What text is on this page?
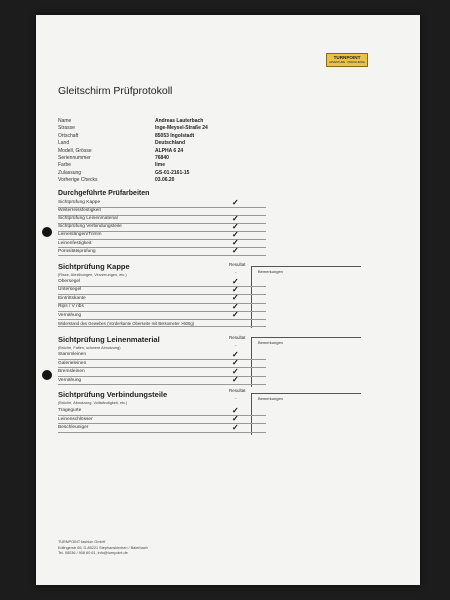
TURNPOINT
ADVENTURE · PARAGLIDING
Gleitschirm Prüfprotokoll
Name	Andreas Lauterbach
Strasse	Inge-Meysel-Straße 24
Ortschaft	85053 Ingolstadt
Land	Deutschland
Modell, Grösse	ALPHA 6 24
Seriennummer	76840
Farbe	lime
Zulassung	GS-01-2161-15
Vorherige Checks	03.06.20
Durchgeführte Prüfarbeiten
Sichtprüfung Kappe	✓
Weiterreissfestigkeit
Sichtprüfung Leinenmaterial	✓
Sichtprüfung Verbindungsteile	✓
Leinenlängen/Trimm	✓
Leinenfestigkeit	✓
Porositätsprüfung	✓
Sichtprüfung Kappe
(Risse, Abreibungen, Verzerrungen, etc.)
Resultat
-	Bemerkungen
Obersegel	✓
Untersegel	✓
Eintrittskante	✓
Rips / V ribs	✓
Vernähung	✓
Widerstand des Gewebes (Vorderkante Oberseite mit Betsometer >600g)
Sichtprüfung Leinenmaterial
(Brüche, Falten, schwere Abnutzung)
Resultat
-
Bemerkungen
Stammleinen	✓
Galerieleinen	✓
Bremsleinen	✓
Vernähung	✓
Sichtprüfung Verbindungsteile
(Brüche, Abnutzung, Vollständigkeit, etc.)
Resultat
-	Bemerkungen
Tragegurte	✓
Leinenschlösser	✓
Beschleuniger	✓
TURNPOINT fashion GmbH
Edlingerstr 65, D-85221 Stephanskirchen / Baierbach
Tel. 08036 / 908 60 61, info@turnpoint.de
